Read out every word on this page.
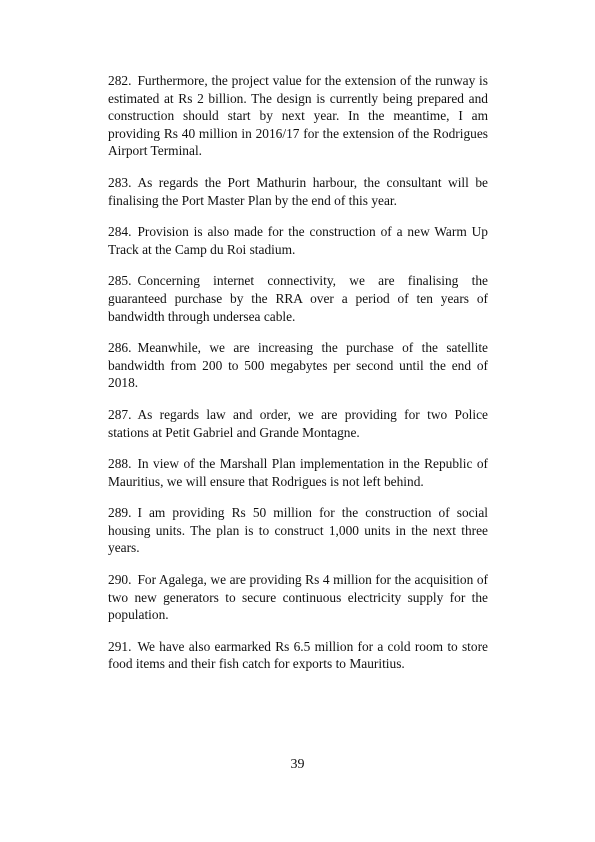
282. Furthermore, the project value for the extension of the runway is estimated at Rs 2 billion. The design is currently being prepared and construction should start by next year. In the meantime, I am providing Rs 40 million in 2016/17 for the extension of the Rodrigues Airport Terminal.

283. As regards the Port Mathurin harbour, the consultant will be finalising the Port Master Plan by the end of this year.

284. Provision is also made for the construction of a new Warm Up Track at the Camp du Roi stadium.

285. Concerning internet connectivity, we are finalising the guaranteed purchase by the RRA over a period of ten years of bandwidth through undersea cable.

286. Meanwhile, we are increasing the purchase of the satellite bandwidth from 200 to 500 megabytes per second until the end of 2018.

287. As regards law and order, we are providing for two Police stations at Petit Gabriel and Grande Montagne.

288. In view of the Marshall Plan implementation in the Republic of Mauritius, we will ensure that Rodrigues is not left behind.

289. I am providing Rs 50 million for the construction of social housing units. The plan is to construct 1,000 units in the next three years.

290. For Agalega, we are providing Rs 4 million for the acquisition of two new generators to secure continuous electricity supply for the population.

291. We have also earmarked Rs 6.5 million for a cold room to store food items and their fish catch for exports to Mauritius.

39
